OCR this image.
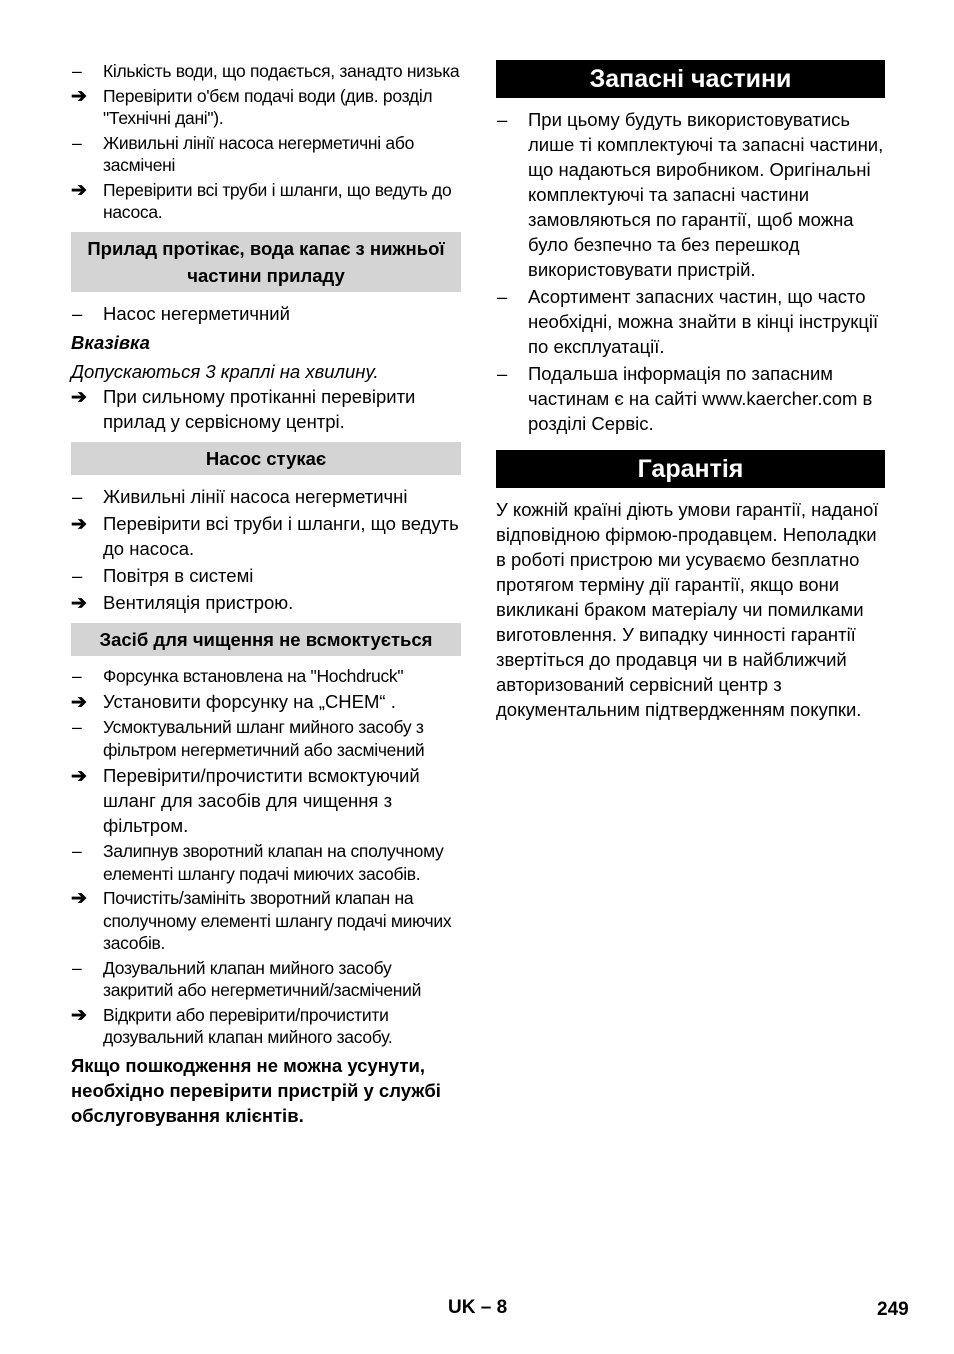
–	Кількість води, що подається, занадто низька
➔ Перевірити о'бєм подачі води (див. розділ "Технічні дані").
–	Живильні лінії насоса негерметичні або засмічені
➔ Перевірити всі труби і шланги, що ведуть до насоса.
Прилад протікає, вода капає з нижньої частини приладу
–	Насос негерметичний
Вказівка
Допускаються 3 краплі на хвилину.
➔ При сильному протіканні перевірити прилад у сервісному центрі.
Насос стукає
–	Живильні лінії насоса негерметичні
➔ Перевірити всі труби і шланги, що ведуть до насоса.
–	Повітря в системі
➔ Вентиляція пристрою.
Засіб для чищення не всмоктується
–	Форсунка встановлена на "Hochdruck"
➔ Установити форсунку на „CHEM“ .
–	Усмоктувальний шланг мийного засобу з фільтром негерметичний або засмічений
➔ Перевірити/прочистити всмоктуючий шланг для засобів для чищення з фільтром.
–	Залипнув зворотний клапан на сполучному елементі шлангу подачі миючих засобів.
➔ Почистіть/замініть зворотний клапан на сполучному елементі шлангу подачі миючих засобів.
–	Дозувальний клапан мийного засобу закритий або негерметичний/засмічений
➔ Відкрити або перевірити/прочистити дозувальний клапан мийного засобу.
Якщо пошкодження не можна усунути, необхідно перевірити пристрій у службі обслуговування клієнтів.
Запасні частини
–	При цьому будуть використовуватись лише ті комплектуючі та запасні частини, що надаються виробником. Оригінальні комплектуючі та запасні частини замовляються по гарантії, щоб можна було безпечно та без перешкод використовувати пристрій.
–	Асортимент запасних частин, що часто необхідні, можна знайти в кінці інструкції по експлуатації.
–	Подальша інформація по запасним частинам є на сайті www.kaercher.com в розділі Сервіс.
Гарантія
У кожній країні діють умови гарантії, наданої відповідною фірмою-продавцем. Неполадки в роботі пристрою ми усуваємо безплатно протягом терміну дії гарантії, якщо вони викликані браком матеріалу чи помилками виготовлення. У випадку чинності гарантії звертіться до продавця чи в найближчий авторизований сервісний центр з документальним підтвердженням покупки.
UK – 8	249
